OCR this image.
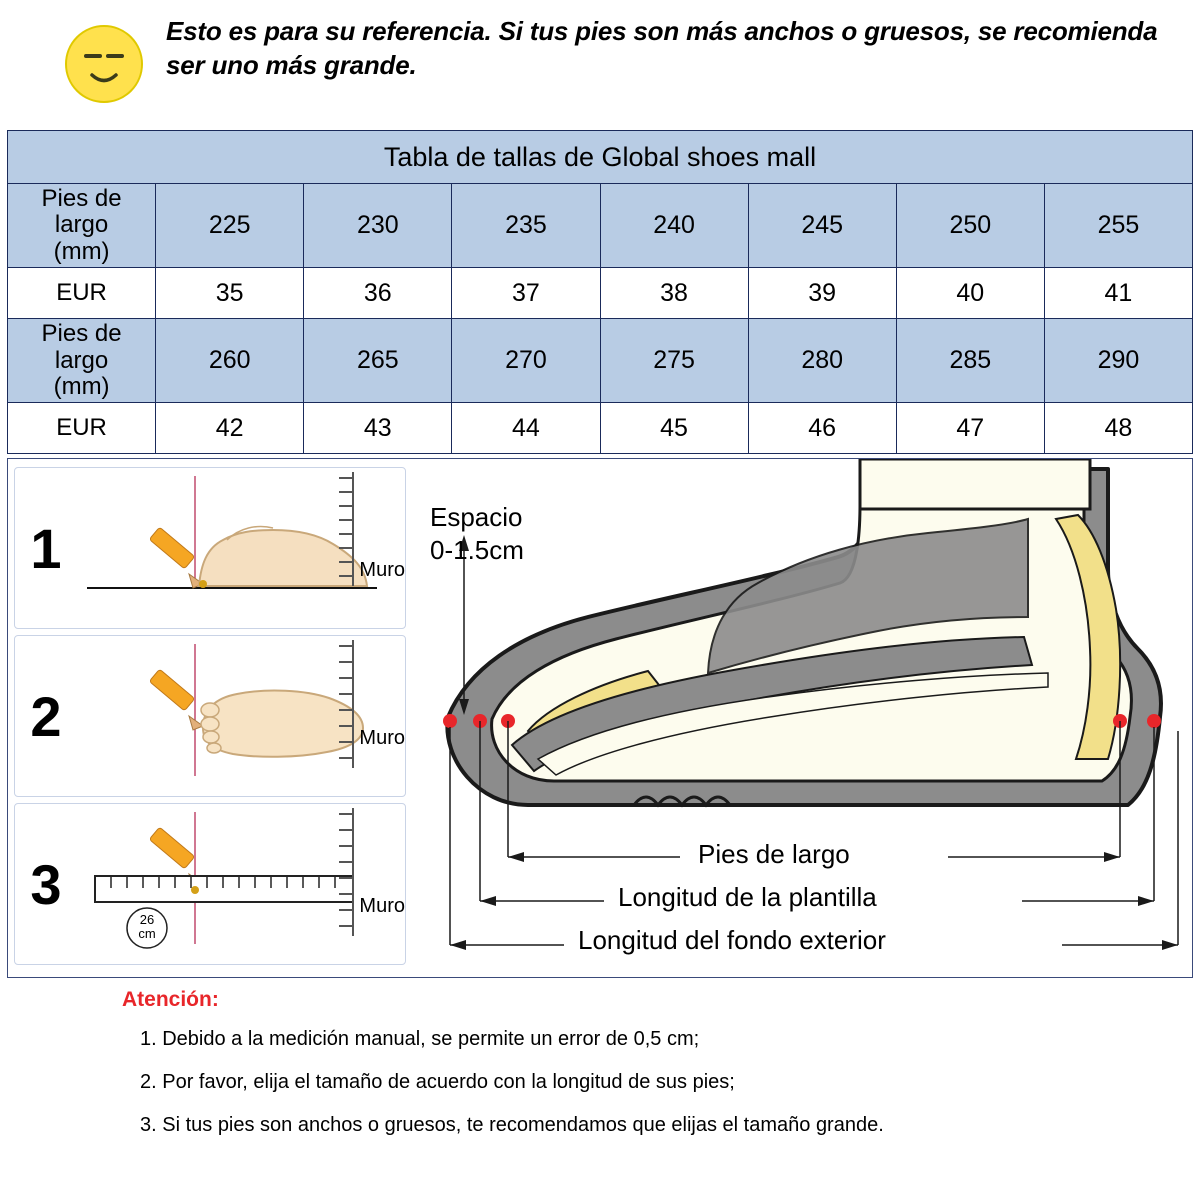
Esto es para su referencia. Si tus pies son más anchos o gruesos, se recomienda ser uno más grande.
Tabla de tallas de Global shoes mall							

Pies de largo
(mm)	225	230	235	240	245	250	255
EUR	35	36	37	38	39	40	41

Pies de largo
(mm)	260	265	270	275	280	285	290
EUR	42	43	44	45	46	47	48
1	Muro
2	Muro
3
26
cm
Muro
Espacio
0-1.5cm
Pies de largo
Longitud de la plantilla
Longitud del fondo exterior
Atención:
1. Debido a la medición manual, se permite un error de 0,5 cm;
2. Por favor, elija el tamaño de acuerdo con la longitud de sus pies;
3. Si tus pies son anchos o gruesos, te recomendamos que elijas el tamaño grande.
